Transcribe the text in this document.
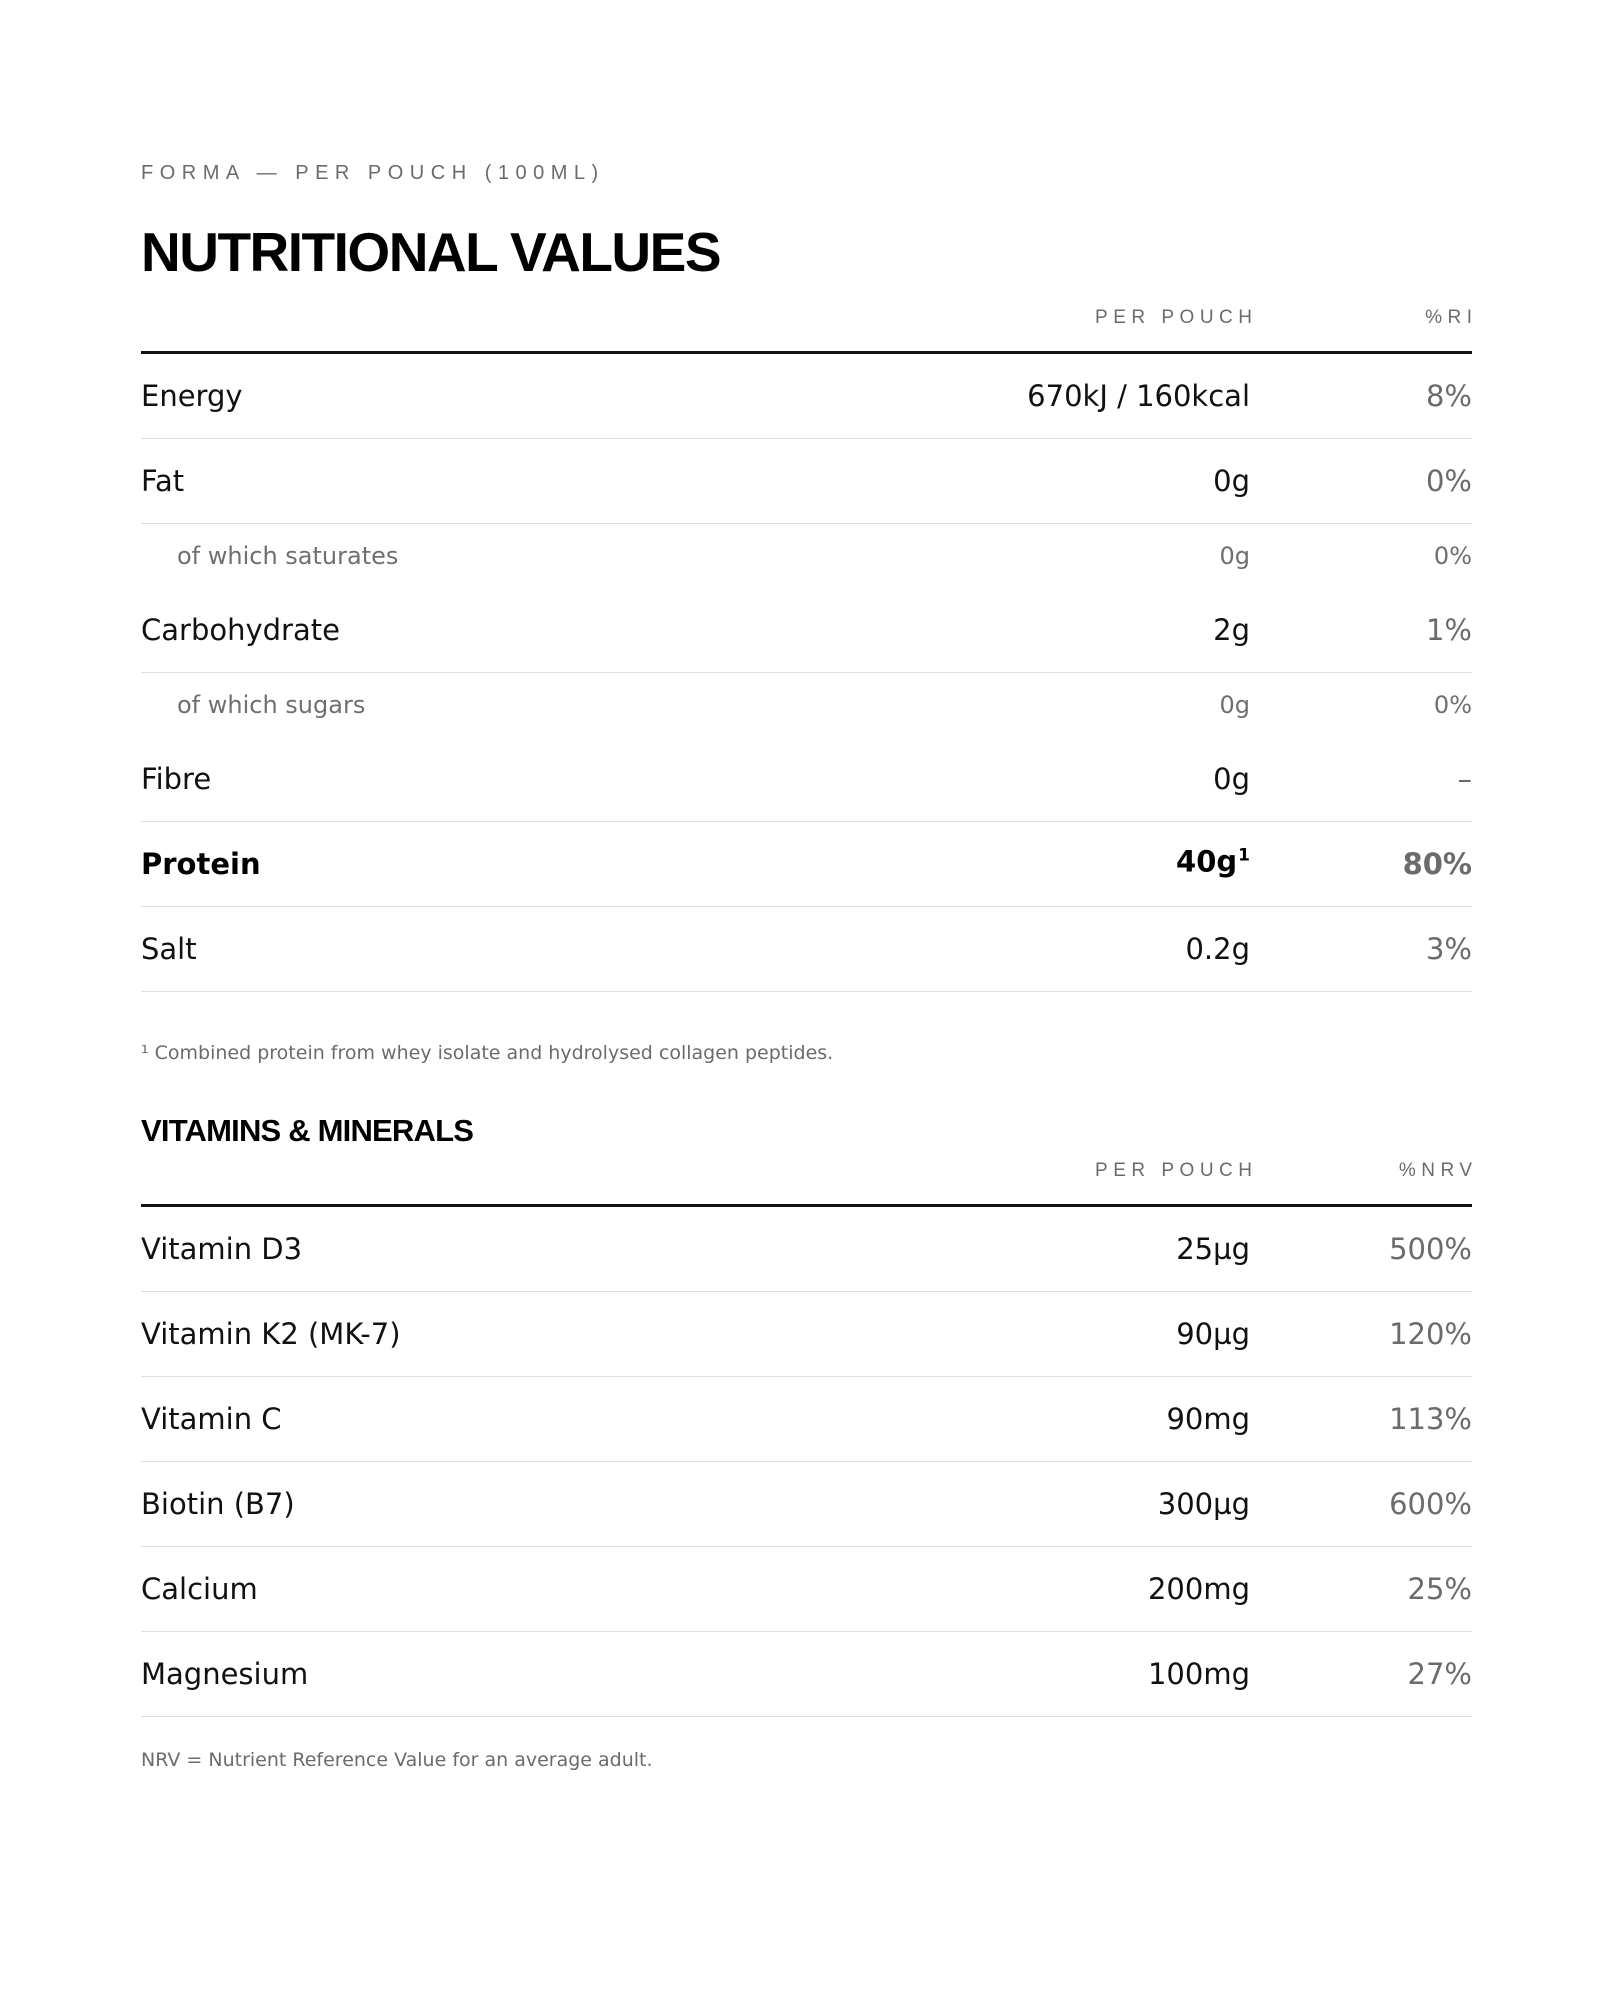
FORMA — PER POUCH (100ML)
NUTRITIONAL VALUES
PER POUCH	%RI
Energy	670kJ / 160kcal	8%
Fat	0g	0%
of which saturates	0g	0%
Carbohydrate	2g	1%
of which sugars	0g	0%
Fibre	0g	–
Protein	$40g^1$	80%
Salt	0.2g	3%
¹ Combined protein from whey isolate and hydrolysed collagen peptides.
VITAMINS & MINERALS
PER POUCH	%NRV
Vitamin D3	25µg	500%
Vitamin K2 (MK-7)	90µg	120%
Vitamin C	90mg	113%
Biotin (B7)	300µg	600%
Calcium	200mg	25%
Magnesium	100mg	27%
NRV = Nutrient Reference Value for an average adult.
